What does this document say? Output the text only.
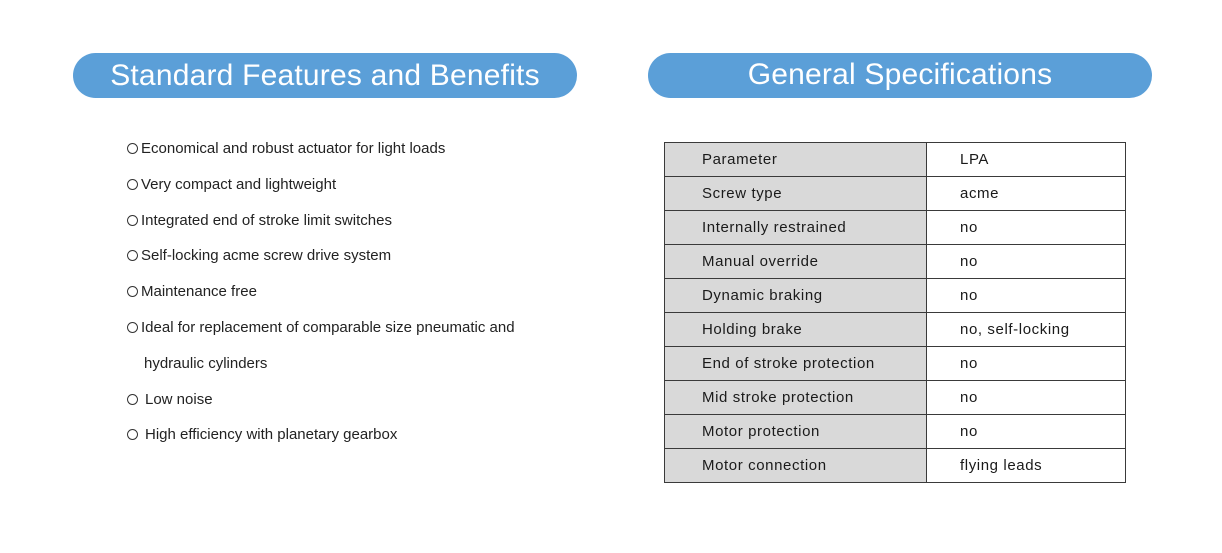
Standard Features and Benefits	General Specifications
Economical and robust actuator for light loads
Very compact and lightweight
Integrated end of stroke limit switches
Self-locking acme screw drive system
Maintenance free
Ideal for replacement of comparable size pneumatic and
hydraulic cylinders
Low noise
High efficiency with planetary gearbox
Parameter	LPA
Screw type	acme
Internally restrained	no
Manual override	no
Dynamic braking	no
Holding brake	no, self-locking
End of stroke protection	no
Mid stroke protection	no
Motor protection	no
Motor connection	flying leads
